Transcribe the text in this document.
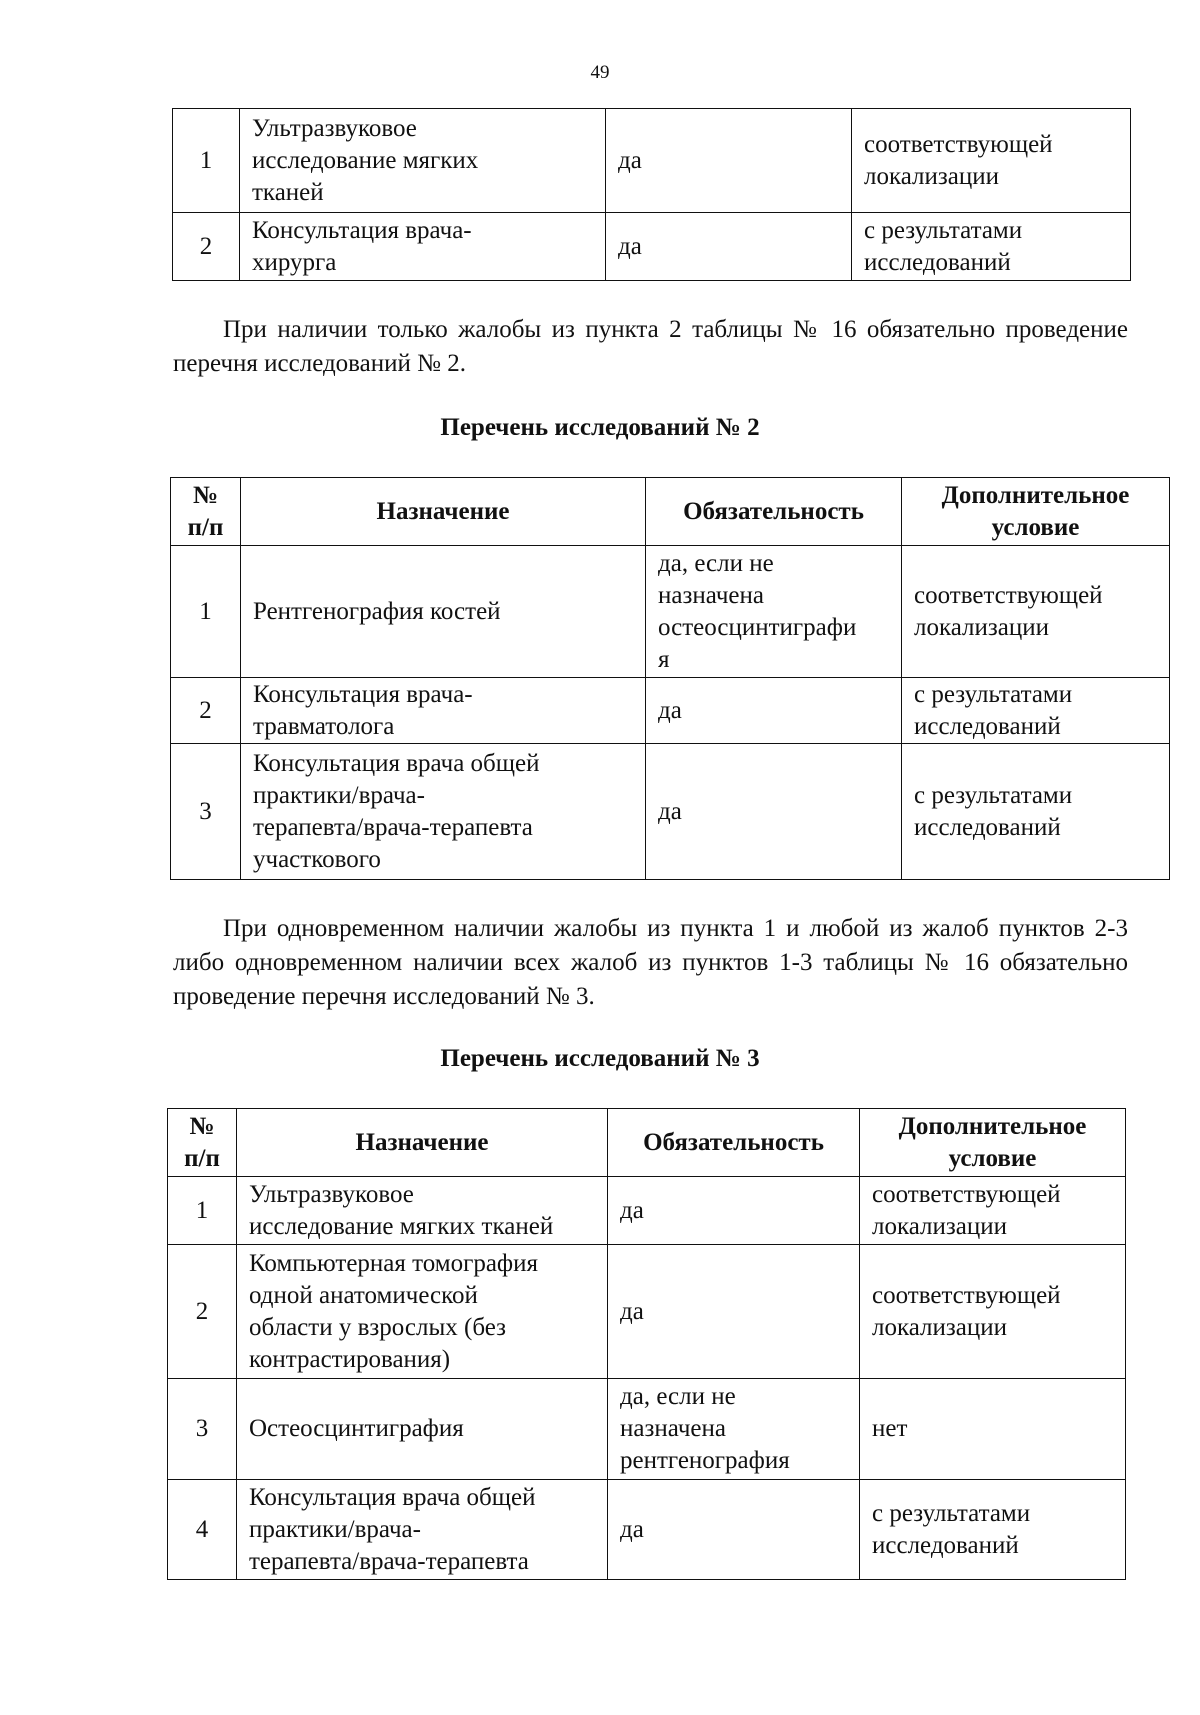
49
1	Ультразвуковое
исследование мягких
тканей	да	соответствующей
локализации
2	Консультация врача-
хирурга	да	с результатами
исследований

При наличии только жалобы из пункта 2 таблицы № 16 обязательно проведение перечня исследований № 2.

Перечень исследований № 2

№
п/п	Назначение	Обязательность	Дополнительное
условие
1	Рентгенография костей	да, если не
назначена
остеосцинтиграфи
я	соответствующей
локализации
2	Консультация врача-
травматолога	да	с результатами
исследований
3	Консультация врача общей
практики/врача-
терапевта/врача-терапевта
участкового	да	с результатами
исследований

При одновременном наличии жалобы из пункта 1 и любой из жалоб пунктов 2-3 либо одновременном наличии всех жалоб из пунктов 1-3 таблицы № 16 обязательно проведение перечня исследований № 3.

Перечень исследований № 3

№
п/п	Назначение	Обязательность	Дополнительное
условие
1	Ультразвуковое
исследование мягких тканей	да	соответствующей
локализации
2	Компьютерная томография
одной анатомической
области у взрослых (без
контрастирования)	да	соответствующей
локализации
3	Остеосцинтиграфия	да, если не
назначена
рентгенография	нет
4	Консультация врача общей
практики/врача-
терапевта/врача-терапевта	да	с результатами
исследований
